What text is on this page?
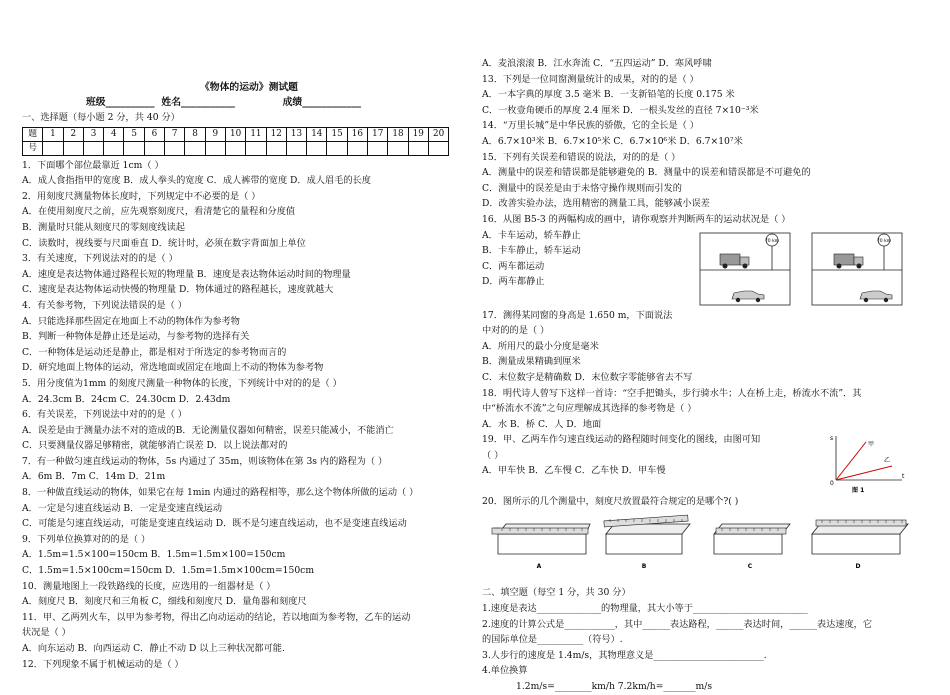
《物体的运动》测试题
班级__________  姓名___________              成绩____________
一、选择题（每小题 2 分，共 40 分）
题	1	2	3	4	5	6	7	8	9	10	11	12	13	14	15	16	17	18	19	20
号																				
1．下面哪个部位最靠近 1cm（ ）
A．成人食指指甲的宽度 B．成人拳头的宽度 C．成人裤带的宽度 D．成人眉毛的长度
2．用刻度尺测量物体长度时，下列规定中不必要的是（ ）
A．在使用刻度尺之前，应先观察刻度尺，看清楚它的量程和分度值
B．测量时只能从刻度尺的零刻度线读起
C．读数时，视线要与尺面垂直 D．统计时，必须在数字背面加上单位
3．有关速度，下列说法对的的是（ ）
A．速度是表达物体通过路程长短的物理量 B．速度是表达物体运动时间的物理量
C．速度是表达物体运动快慢的物理量 D．物体通过的路程越长，速度就越大
4．有关参考物，下列说法错误的是（ ）
A．只能选择那些固定在地面上不动的物体作为参考物
B．判断一种物体是静止还是运动，与参考物的选择有关
C．一种物体是运动还是静止，都是相对于所选定的参考物而言的
D．研究地面上物体的运动，常选地面或固定在地面上不动的物体为参考物
5．用分度值为1mm 的刻度尺测量一种物体的长度，下列统计中对的的是（ ）
A．24.3cm B．24cm C．24.30cm D．2.43dm
6．有关误差，下列说法中对的的是（ ）
A．误差是由于测量办法不对的造成的B．无论测量仪器如何精密，误差只能减小，不能消亡
C．只要测量仪器足够精密，就能够消亡误差 D．以上说法都对的
7．有一种做匀速直线运动的物体，5s 内通过了 35m，则该物体在第 3s 内的路程为（ ）
A．6m B．7m C．14m D．21m
8．一种做直线运动的物体，如果它在每 1min 内通过的路程相等，那么这个物体所做的运动（ ）
A．一定是匀速直线运动 B．一定是变速直线运动
C．可能是匀速直线运动，可能是变速直线运动 D．既不是匀速直线运动，也不是变速直线运动
9．下列单位换算对的的是（ ）
A．1.5m=1.5×100=150cm B．1.5m=1.5m×100=150cm
C．1.5m=1.5×100cm=150cm D．1.5m=1.5m×100cm=150cm
10．测量地图上一段铁路线的长度，应选用的一组器材是（ ）
A．刻度尺 B．刻度尺和三角板 C，细线和刻度尺 D．量角器和刻度尺
11．甲、乙两列火车，以甲为参考物，得出乙向动运动的结论，若以地面为参考物，乙车的运动
状况是（ ）
A．向东运动 B．向西运动 C．静止不动 D 以上三种状况都可能.
12．下列现象不属于机械运动的是（ ）
A．麦浪滚滚 B．江水奔流 C．“五四运动” D．寒风呼啸
13．下列是一位同窗测量统计的成果，对的的是（ ）
A．一本字典的厚度 3.5 毫米 B．一支新铅笔的长度 0.175 米
C．一枚壹角硬币的厚度 2.4 厘米 D．一根头发丝的直径 7×10⁻³米
14．“万里长城”是中华民族的骄傲，它的全长是（ ）
A．6.7×10³米 B．6.7×10⁵米 C．6.7×10⁶米 D．6.7×10⁷米
15．下列有关误差和错误的说法，对的的是（ ）
A．测量中的误差和错误都是能够避免的 B．测量中的误差和错误都是不可避免的
C．测量中的误差是由于未恪守操作规则而引发的
D．改善实验办法，选用精密的测量工具，能够减小误差
16．从图 B5-3 的两幅构成的画中，请你观察并判断两车的运动状况是（ ）
A．卡车运动，轿车静止
B．卡车静止，轿车运动
C．两车都运动
D．两车都静止
70 km	70 km
17．测得某同窗的身高是 1.650 m，下面说法
中对的的是（ ）
A．所用尺的最小分度是毫米
B．测量成果精确到厘米
C．末位数字是精确数 D．末位数字零能够省去不写
18．明代诗人曾写下这样一首诗：“空手把锄头，步行骑水牛；人在桥上走，桥流水不流”．其
中“桥流水不流”之句应理解成其选择的参考物是（ ）
A．水 B．桥 C．人 D．地面
19．甲、乙两车作匀速直线运动的路程随时间变化的图线，由图可知
（ ）
A．甲车快 B．乙车慢 C．乙车快 D．甲车慢
s
t
0
甲
乙
图 1
20．图所示的几个测量中，刻度尺放置最符合规定的是哪个?( )
A	B	C	D
二、填空题（每空 1 分，共 30 分）
1.速度是表达______________的物理量，其大小等于_________________________
2.速度的计算公式是___________，其中______表达路程，______表达时间，______表达速度，它
的国际单位是__________（符号）.
3.人步行的速度是 1.4m/s，其物理意义是________________________.
4.单位换算
1.2m/s=________km/h 7.2km/h=_______m/s
